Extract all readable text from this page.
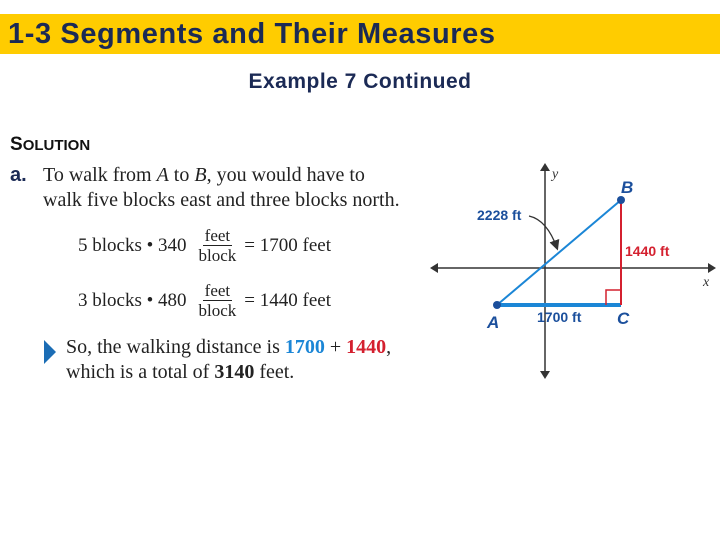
1-3 Segments and Their Measures
Example 7 Continued
SOLUTION
a. To walk from A to B, you would have to
walk five blocks east and three blocks north.
5 blocks • $340 \frac{\text{feet}}{\text{block}} = 1700$ feet
3 blocks • $480 \frac{\text{feet}}{\text{block}} = 1440$ feet
So, the walking distance is 1700 + 1440,
which is a total of 3140 feet.
y
x
2228 ft
1440 ft
1700 ft
A
B
C
